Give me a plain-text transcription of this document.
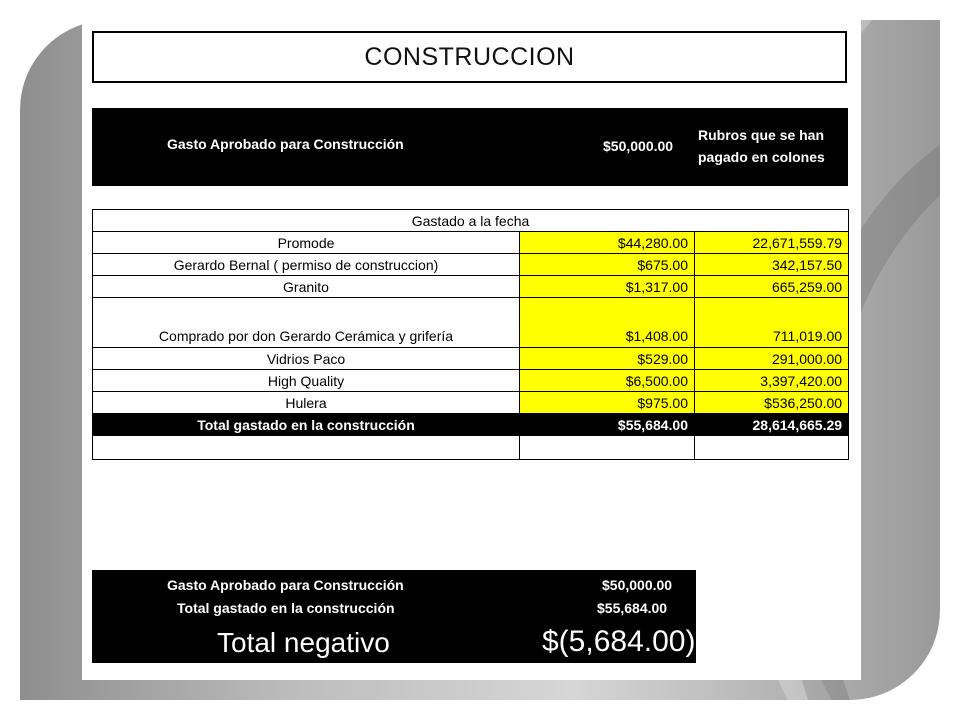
CONSTRUCCION
Gasto Aprobado para Construcción	$50,000.00
Rubros que se han
pagado en colones
Gastado a la fecha		
Promode	$44,280.00	22,671,559.79
Gerardo Bernal ( permiso de construccion)	$675.00	342,157.50
Granito	$1,317.00	665,259.00
Comprado por don Gerardo Cerámica y grifería	$1,408.00	711,019.00
Vidrios Paco	$529.00	291,000.00
High Quality	$6,500.00	3,397,420.00
Hulera	$975.00	$536,250.00
Total gastado en la construcción	$55,684.00	28,614,665.29

Gasto Aprobado para Construcción	$50,000.00
Total gastado en la construcción	$55,684.00
Total negativo	$(5,684.00)
